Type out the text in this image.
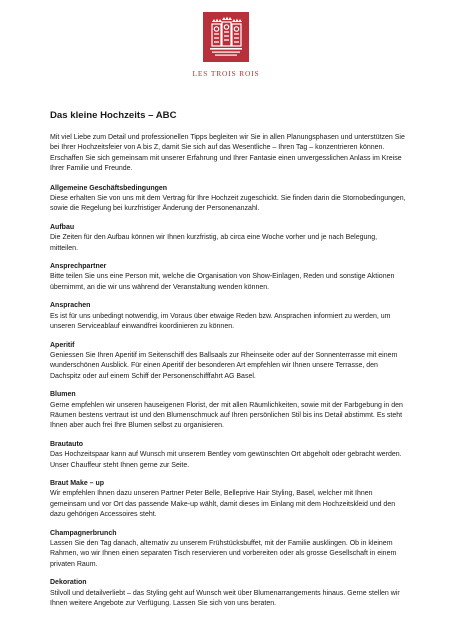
LES TROIS ROIS
Das kleine Hochzeits – ABC

Mit viel Liebe zum Detail und professionellen Tipps begleiten wir Sie in allen Planungsphasen und unterstützen Sie bei Ihrer Hochzeitsfeier von A bis Z, damit Sie sich auf das Wesentliche – Ihren Tag – konzentrieren können. Erschaffen Sie sich gemeinsam mit unserer Erfahrung und Ihrer Fantasie einen unvergesslichen Anlass im Kreise Ihrer Familie und Freunde.

Allgemeine Geschäftsbedingungen

Diese erhalten Sie von uns mit dem Vertrag für Ihre Hochzeit zugeschickt. Sie finden darin die Stornobedingungen, sowie die Regelung bei kurzfristiger Änderung der Personenanzahl.

Aufbau

Die Zeiten für den Aufbau können wir Ihnen kurzfristig, ab circa eine Woche vorher und je nach Belegung, mitteilen.

Ansprechpartner

Bitte teilen Sie uns eine Person mit, welche die Organisation von Show-Einlagen, Reden und sonstige Aktionen übernimmt, an die wir uns während der Veranstaltung wenden können.

Ansprachen

Es ist für uns unbedingt notwendig, im Voraus über etwaige Reden bzw. Ansprachen informiert zu werden, um unseren Serviceablauf einwandfrei koordinieren zu können.

Aperitif

Geniessen Sie Ihren Aperitif im Seitenschiff des Ballsaals zur Rheinseite oder auf der Sonnenterrasse mit einem wunderschönen Ausblick. Für einen Aperitif der besonderen Art empfehlen wir Ihnen unsere Terrasse, den Dachspitz oder auf einem Schiff der Personenschifffahrt AG Basel.

Blumen

Gerne empfehlen wir unseren hauseigenen Florist, der mit allen Räumlichkeiten, sowie mit der Farbgebung in den Räumen bestens vertraut ist und den Blumenschmuck auf Ihren persönlichen Stil bis ins Detail abstimmt. Es steht Ihnen aber auch frei Ihre Blumen selbst zu organisieren.

Brautauto

Das Hochzeitspaar kann auf Wunsch mit unserem Bentley vom gewünschten Ort abgeholt oder gebracht werden. Unser Chauffeur steht Ihnen gerne zur Seite.

Braut Make – up

Wir empfehlen Ihnen dazu unseren Partner Peter Belle, Belleprive Hair Styling, Basel, welcher mit Ihnen gemeinsam und vor Ort das passende Make-up wählt, damit dieses im Einlang mit dem Hochzeitskleid und den dazu gehörigen Accessoires steht.

Champagnerbrunch

Lassen Sie den Tag danach, alternativ zu unserem Frühstücksbuffet, mit der Familie ausklingen. Ob in kleinem Rahmen, wo wir Ihnen einen separaten Tisch reservieren und vorbereiten oder als grosse Gesellschaft in einem privaten Raum.

Dekoration

Stilvoll und detailverliebt – das Styling geht auf Wunsch weit über Blumenarrangements hinaus. Gerne stellen wir Ihnen weitere Angebote zur Verfügung. Lassen Sie sich von uns beraten.
